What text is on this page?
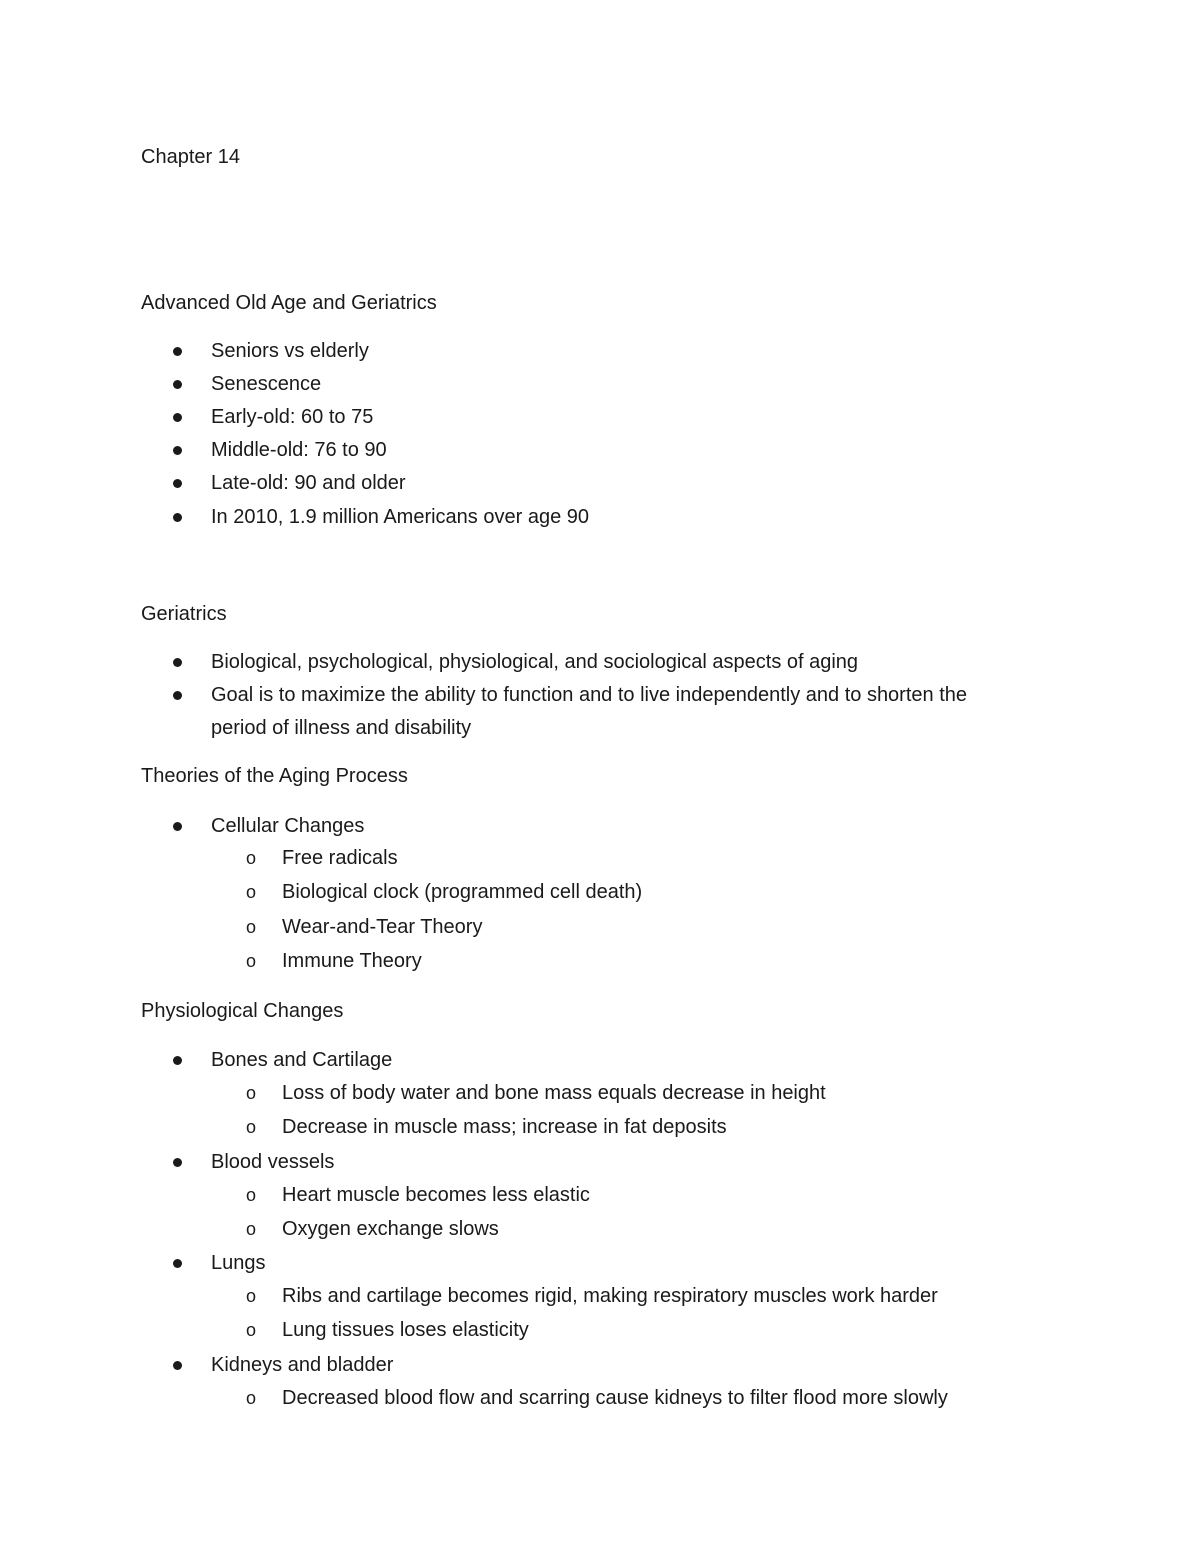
Chapter 14
Advanced Old Age and Geriatrics
Seniors vs elderly
Senescence
Early-old: 60 to 75
Middle-old: 76 to 90
Late-old: 90 and older
In 2010, 1.9 million Americans over age 90
Geriatrics
Biological, psychological, physiological, and sociological aspects of aging
Goal is to maximize the ability to function and to live independently and to shorten the
period of illness and disability
Theories of the Aging Process
Cellular Changes
o Free radicals
o Biological clock (programmed cell death)
o Wear-and-Tear Theory
o Immune Theory
Physiological Changes
Bones and Cartilage
o Loss of body water and bone mass equals decrease in height
o Decrease in muscle mass; increase in fat deposits
Blood vessels
o Heart muscle becomes less elastic
o Oxygen exchange slows
Lungs
o Ribs and cartilage becomes rigid, making respiratory muscles work harder
o Lung tissues loses elasticity
Kidneys and bladder
o Decreased blood flow and scarring cause kidneys to filter flood more slowly
